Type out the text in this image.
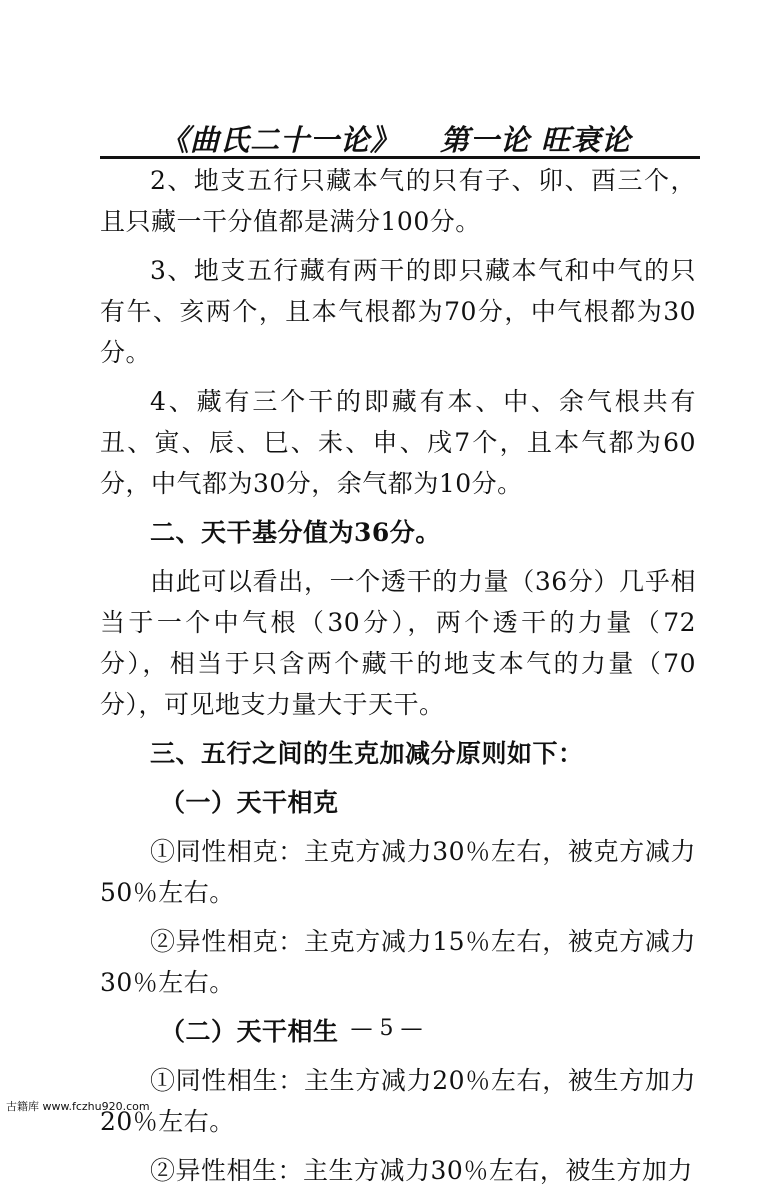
《曲氏二十一论》 第一论 旺衰论

2、地支五行只藏本气的只有子、卯、酉三个，且只藏一干分值都是满分100分。

3、地支五行藏有两干的即只藏本气和中气的只有午、亥两个，且本气根都为70分，中气根都为30分。

4、藏有三个干的即藏有本、中、余气根共有丑、寅、辰、巳、未、申、戌7个，且本气都为60分，中气都为30分，余气都为10分。

二、天干基分值为36分。

由此可以看出，一个透干的力量（36分）几乎相当于一个中气根（30分），两个透干的力量（72分），相当于只含两个藏干的地支本气的力量（70分），可见地支力量大于天干。

三、五行之间的生克加减分原则如下：

（一）天干相克

①同性相克：主克方减力30％左右，被克方减力50％左右。

②异性相克：主克方减力15％左右，被克方减力30％左右。

（二）天干相生

①同性相生：主生方减力20％左右，被生方加力20％左右。

②异性相生：主生方减力30％左右，被生方加力

— 5 —
古籍库 www.fczhu920.com
